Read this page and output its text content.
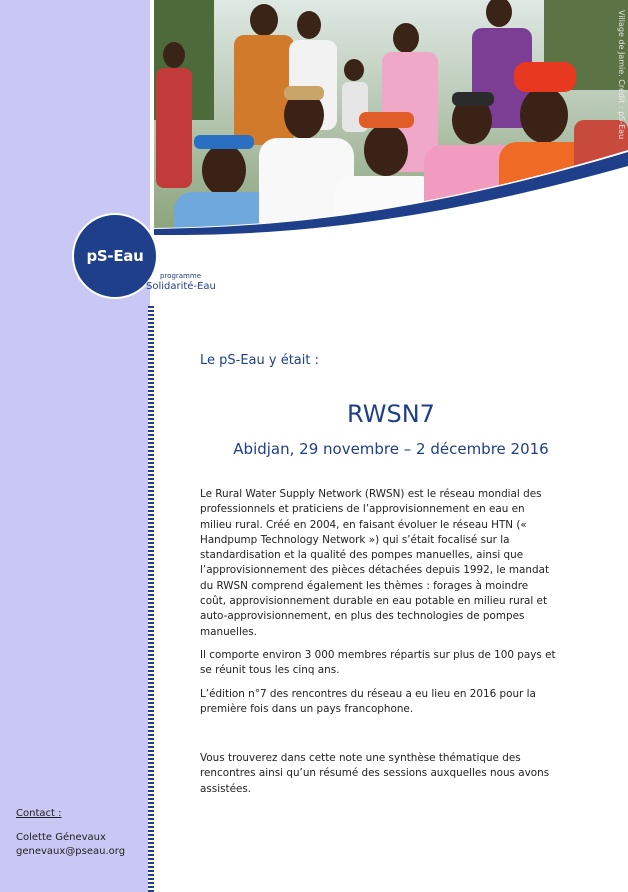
Village de Jamie. Crédit : pS-Eau
pS-Eau
programme
Solidarité-Eau
Le pS-Eau y était :
RWSN7
Abidjan, 29 novembre – 2 décembre 2016

Le Rural Water Supply Network (RWSN) est le réseau mondial des professionnels et praticiens de l’approvisionnement en eau en milieu rural. Créé en 2004, en faisant évoluer le réseau HTN (« Handpump Technology Network ») qui s’était focalisé sur la standardisation et la qualité des pompes manuelles, ainsi que l’approvisionnement des pièces détachées depuis 1992, le mandat du RWSN comprend également les thèmes : forages à moindre coût, approvisionnement durable en eau potable en milieu rural et auto-approvisionnement, en plus des technologies de pompes manuelles.

Il comporte environ 3 000 membres répartis sur plus de 100 pays et se réunit tous les cinq ans.

L’édition n°7 des rencontres du réseau a eu lieu en 2016 pour la première fois dans un pays francophone.

Vous trouverez dans cette note une synthèse thématique des rencontres ainsi qu’un résumé des sessions auxquelles nous avons assistées.

Contact :
Colette Génevaux
genevaux@pseau.org
